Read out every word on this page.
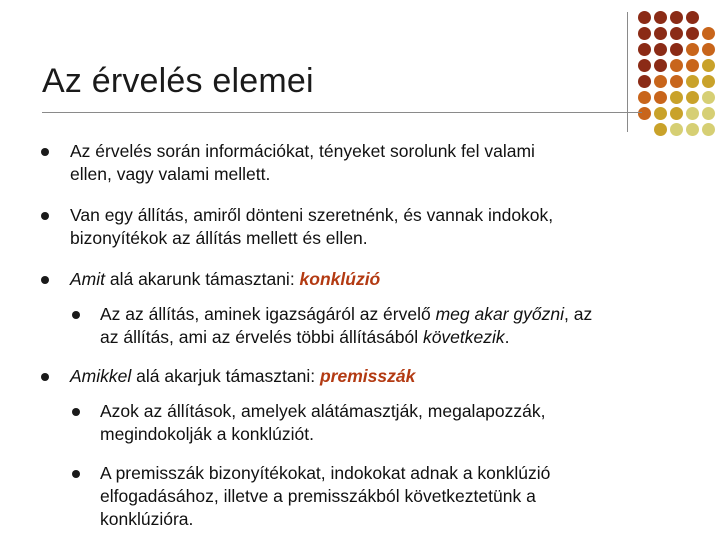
Az érvelés elemei
Az érvelés során információkat, tényeket sorolunk fel valami
ellen, vagy valami mellett.
Van egy állítás, amiről dönteni szeretnénk, és vannak indokok,
bizonyítékok az állítás mellett és ellen.
Amit alá akarunk támasztani: konklúzió
Az az állítás, aminek igazságáról az érvelő meg akar győzni, az
az állítás, ami az érvelés többi állításából következik.
Amikkel alá akarjuk támasztani: premisszák
Azok az állítások, amelyek alátámasztják, megalapozzák,
megindokolják a konklúziót.
A premisszák bizonyítékokat, indokokat adnak a konklúzió
elfogadásához, illetve a premisszákból következtetünk a
konklúzióra.
